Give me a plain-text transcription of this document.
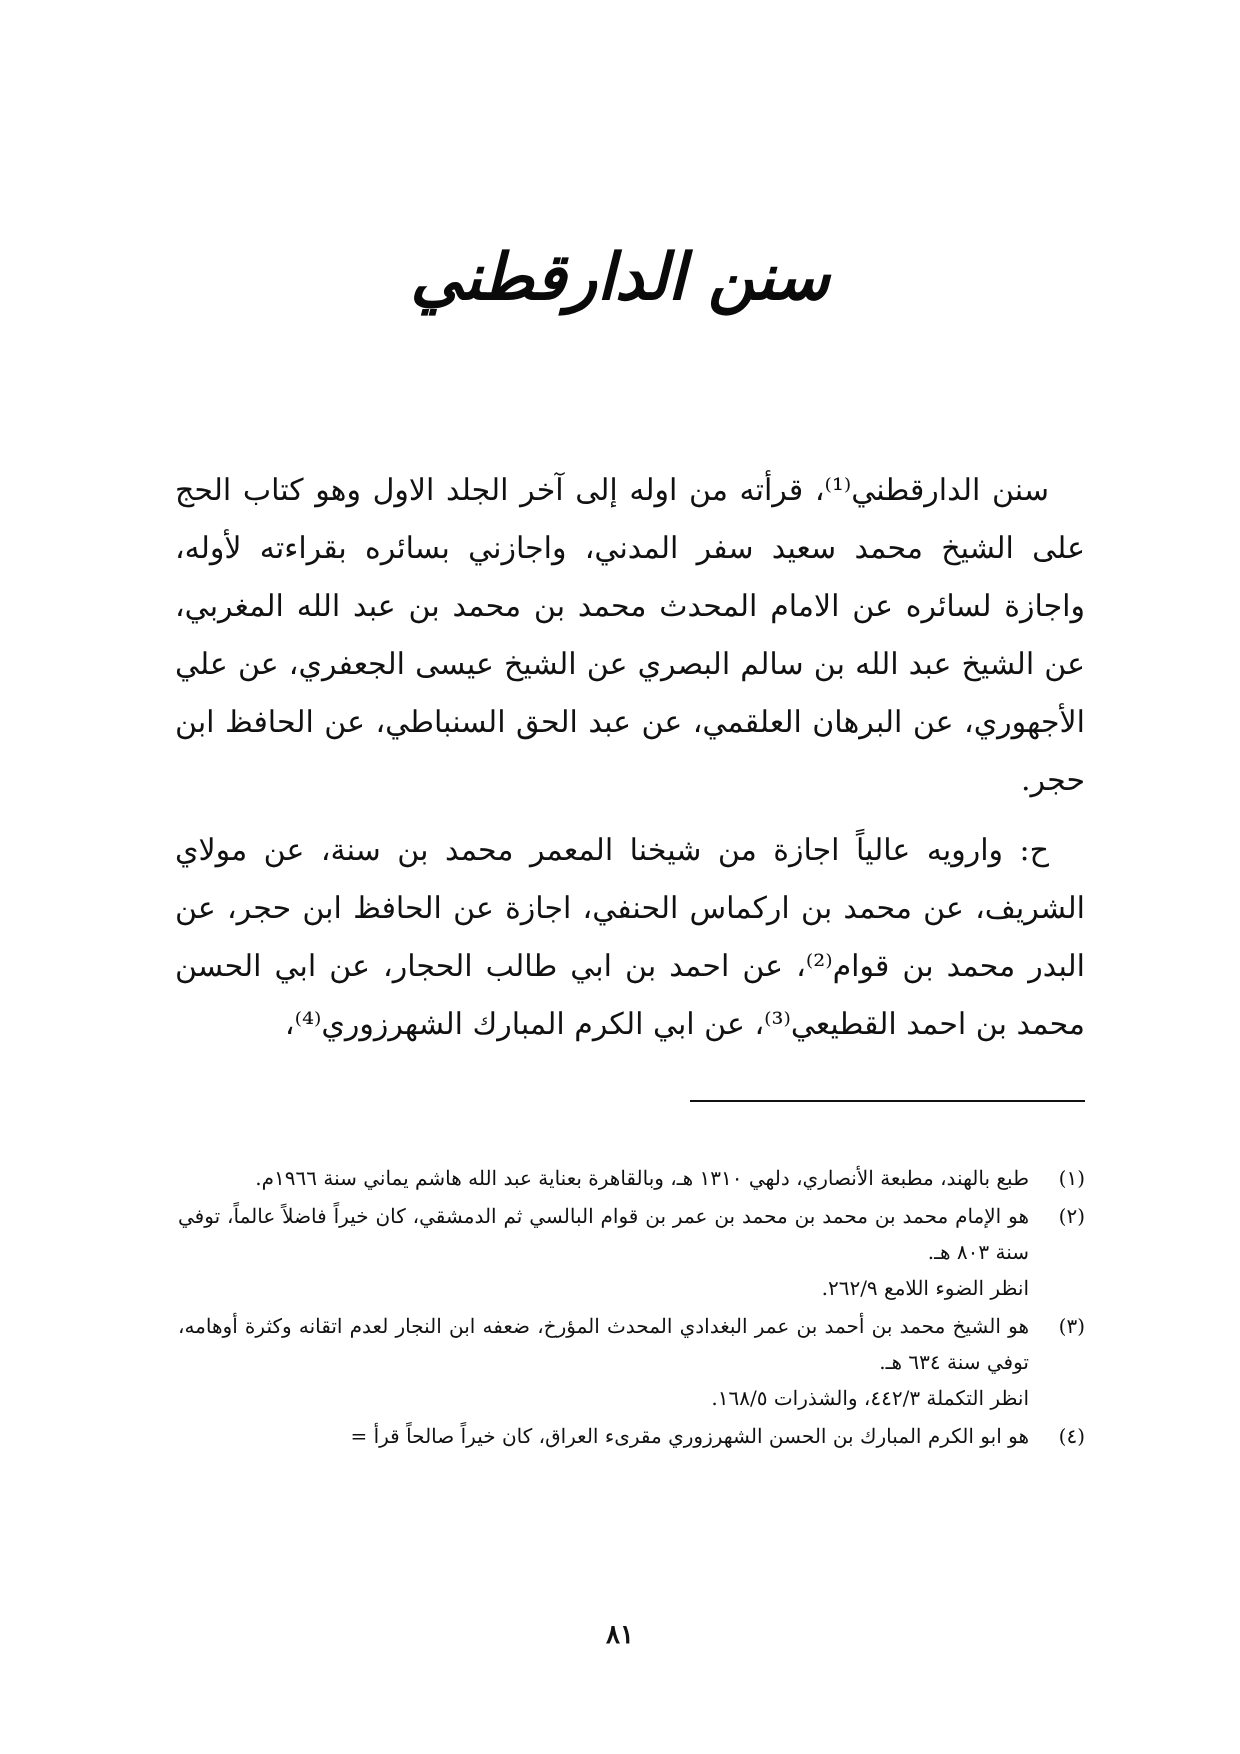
سنن الدارقطني

سنن الدارقطني⁽¹⁾، قرأته من اوله إلى آخر الجلد الاول وهو كتاب الحج على الشيخ محمد سعيد سفر المدني، واجازني بسائره بقراءته لأوله، واجازة لسائره عن الامام المحدث محمد بن محمد بن عبد الله المغربي، عن الشيخ عبد الله بن سالم البصري عن الشيخ عيسى الجعفري، عن علي الأجهوري، عن البرهان العلقمي، عن عبد الحق السنباطي، عن الحافظ ابن حجر.

ح: وارويه عالياً اجازة من شيخنا المعمر محمد بن سنة، عن مولاي الشريف، عن محمد بن اركماس الحنفي، اجازة عن الحافظ ابن حجر، عن البدر محمد بن قوام⁽²⁾، عن احمد بن ابي طالب الحجار، عن ابي الحسن محمد بن احمد القطيعي⁽³⁾، عن ابي الكرم المبارك الشهرزوري⁽⁴⁾،

(١)
طبع بالهند، مطبعة الأنصاري، دلهي ١٣١٠ هـ، وبالقاهرة بعناية عبد الله هاشم يماني سنة ١٩٦٦م.
(٢)
هو الإمام محمد بن محمد بن محمد بن عمر بن قوام البالسي ثم الدمشقي، كان خيراً فاضلاً عالماً، توفي سنة ٨٠٣ هـ.
انظر الضوء اللامع ٢٦٢/٩.
(٣)
هو الشيخ محمد بن أحمد بن عمر البغدادي المحدث المؤرخ، ضعفه ابن النجار لعدم اتقانه وكثرة أوهامه، توفي سنة ٦٣٤ هـ.
انظر التكملة ٤٤٢/٣، والشذرات ١٦٨/٥.
(٤)
هو ابو الكرم المبارك بن الحسن الشهرزوري مقرىء العراق، كان خيراً صالحاً قرأ =
٨١
